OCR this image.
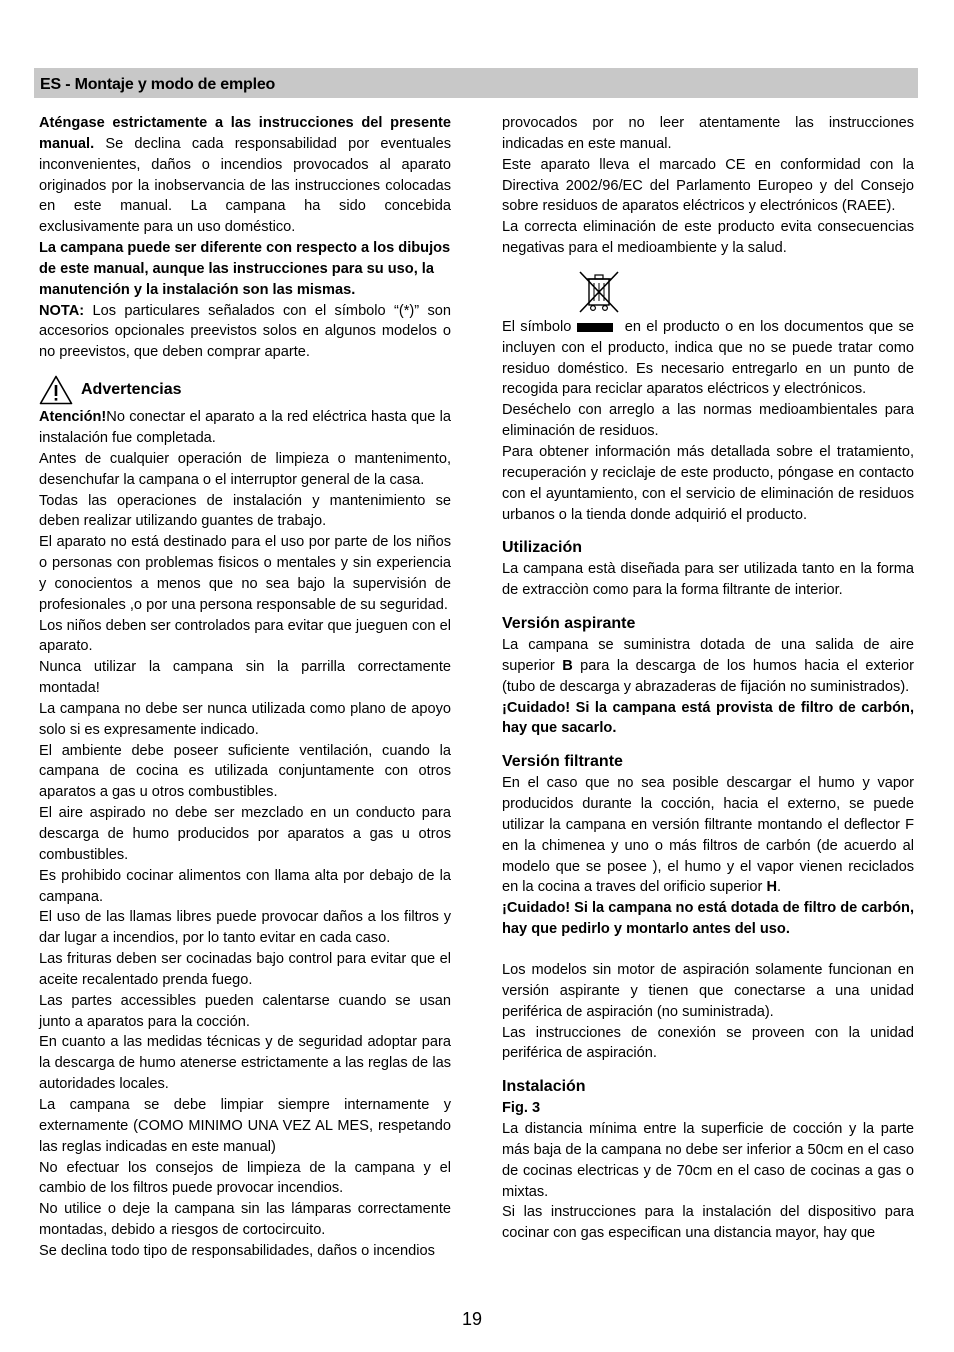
ES - Montaje y modo de empleo

Aténgase estrictamente a las instrucciones del presente manual. Se declina cada responsabilidad por eventuales inconvenientes, daños o incendios provocados al aparato originados por la inobservancia de las instrucciones colocadas en este manual. La campana ha sido concebida exclusivamente para un uso doméstico.

La campana puede ser diferente con respecto a los dibujos de este manual, aunque las instrucciones para su uso, la manutención y la instalación son las mismas.

NOTA: Los particulares señalados con el símbolo “(*)” son accesorios opcionales preevistos solos en algunos modelos o no preevistos, que deben comprar aparte.

Advertencias

Atención!No conectar el aparato a la red eléctrica hasta que la instalación fue completada.

Antes de cualquier operación de limpieza o mantenimento, desenchufar la campana o el interruptor general de la casa.

Todas las operaciones de instalación y mantenimiento se deben realizar utilizando guantes de trabajo.

El aparato no está destinado para el uso por parte de los niños o personas con problemas fisicos o mentales y sin experiencia y conocientos a menos que no sea bajo la supervisión de profesionales ,o por una persona responsable de su seguridad.

Los niños deben ser controlados para evitar que jueguen con el aparato.

Nunca utilizar la campana sin la parrilla correctamente montada!

La campana no debe ser nunca utilizada como plano de apoyo solo si es expresamente indicado.

El ambiente debe poseer suficiente ventilación, cuando la campana de cocina es utilizada conjuntamente con otros aparatos a gas u otros combustibles.

El aire aspirado no debe ser mezclado en un conducto para descarga de humo producidos por aparatos a gas u otros combustibles.

Es prohibido cocinar alimentos con llama alta por debajo de la campana.

El uso de las llamas libres puede provocar daños a los filtros y dar lugar a incendios, por lo tanto evitar en cada caso.

Las frituras deben ser cocinadas bajo control para evitar que el aceite recalentado prenda fuego.

Las partes accessibles pueden calentarse cuando se usan junto a aparatos para la cocción.

En cuanto a las medidas técnicas y de seguridad adoptar para la descarga de humo atenerse estrictamente a las reglas de las autoridades locales.

La campana se debe limpiar siempre internamente y externamente (COMO MINIMO UNA VEZ AL MES, respetando las reglas indicadas en este manual)

No efectuar los consejos de limpieza de la campana y el cambio de los filtros puede provocar incendios.

No utilice o deje la campana sin las lámparas correctamente montadas, debido a riesgos de cortocircuito.

Se declina todo tipo de responsabilidades, daños o incendios

provocados por no leer atentamente las instrucciones indicadas en este manual.

Este aparato lleva el marcado CE en conformidad con la Directiva 2002/96/EC del Parlamento Europeo y del Consejo sobre residuos de aparatos eléctricos y electrónicos (RAEE).

La correcta eliminación de este producto evita consecuencias negativas para el medioambiente y la salud.

El símbolo	en el producto o en los documentos que se incluyen con el producto, indica que no se puede tratar como residuo doméstico. Es necesario entregarlo en un punto de recogida para reciclar aparatos eléctricos y electrónicos.

Deséchelo con arreglo a las normas medioambientales para eliminación de residuos.

Para obtener información más detallada sobre el tratamiento, recuperación y reciclaje de este producto, póngase en contacto con el ayuntamiento, con el servicio de eliminación de residuos urbanos o la tienda donde adquirió el producto.

Utilización

La campana està diseñada para ser utilizada tanto en la forma de extracciòn como para la forma filtrante de interior.

Versión aspirante

La campana se suministra dotada de una salida de aire superior B para la descarga de los humos hacia el exterior (tubo de descarga y abrazaderas de fijación no suministrados).

¡Cuidado! Si la campana está provista de filtro de carbón, hay que sacarlo.

Versión filtrante

En el caso que no sea posible descargar el humo y vapor producidos durante la cocción, hacia el externo, se puede utilizar la campana en versión filtrante montando el deflector F en la chimenea y uno o más filtros de carbón (de acuerdo al modelo que se posee ), el humo y el vapor vienen reciclados en la cocina a traves del orificio superior H.

¡Cuidado! Si la campana no está dotada de filtro de carbón, hay que pedirlo y montarlo antes del uso.

Los modelos sin motor de aspiración solamente funcionan en versión aspirante y tienen que conectarse a una unidad periférica de aspiración (no suministrada).

Las instrucciones de conexión se proveen con la unidad periférica de aspiración.

Instalación

Fig. 3

La distancia mínima entre la superficie de cocción y la parte más baja de la campana no debe ser inferior a 50cm en el caso de cocinas electricas y de 70cm en el caso de cocinas a gas o mixtas.

Si las instrucciones para la instalación del dispositivo para cocinar con gas especifican una distancia mayor, hay que

19
